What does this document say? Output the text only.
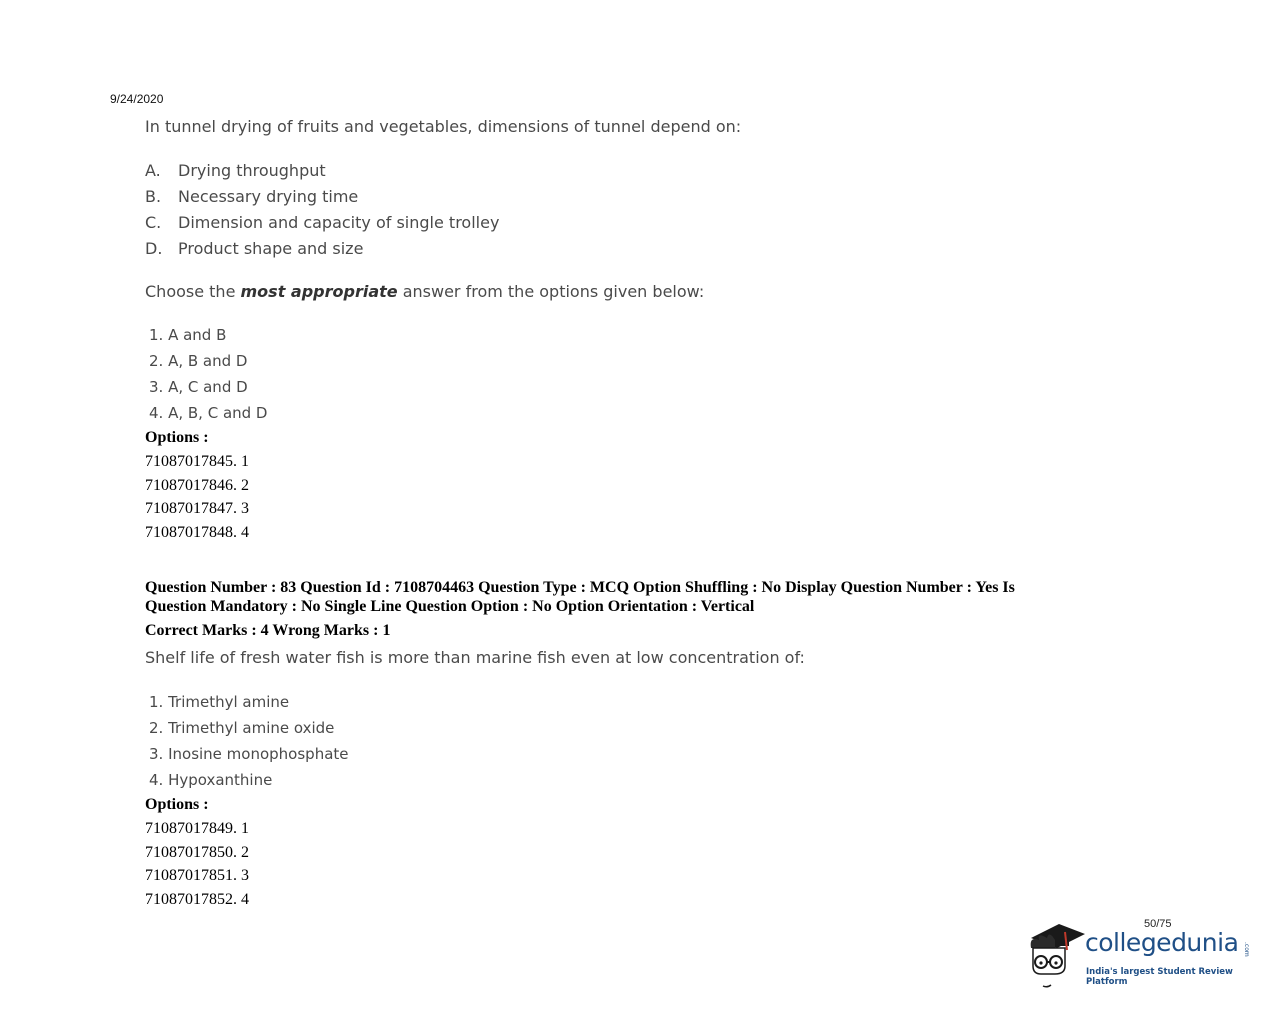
9/24/2020
In tunnel drying of fruits and vegetables, dimensions of tunnel depend on:
A. Drying throughput
B. Necessary drying time
C. Dimension and capacity of single trolley
D. Product shape and size
Choose the most appropriate answer from the options given below:
1. A and B
2. A, B and D
3. A, C and D
4. A, B, C and D
Options :
71087017845. 1
71087017846. 2
71087017847. 3
71087017848. 4
Question Number : 83 Question Id : 7108704463 Question Type : MCQ Option Shuffling : No Display Question Number : Yes Is
Question Mandatory : No Single Line Question Option : No Option Orientation : Vertical
Correct Marks : 4 Wrong Marks : 1
Shelf life of fresh water fish is more than marine fish even at low concentration of:
1. Trimethyl amine
2. Trimethyl amine oxide
3. Inosine monophosphate
4. Hypoxanthine
Options :
71087017849. 1
71087017850. 2
71087017851. 3
71087017852. 4
50/75
collegedunia .com
India's largest Student Review Platform
